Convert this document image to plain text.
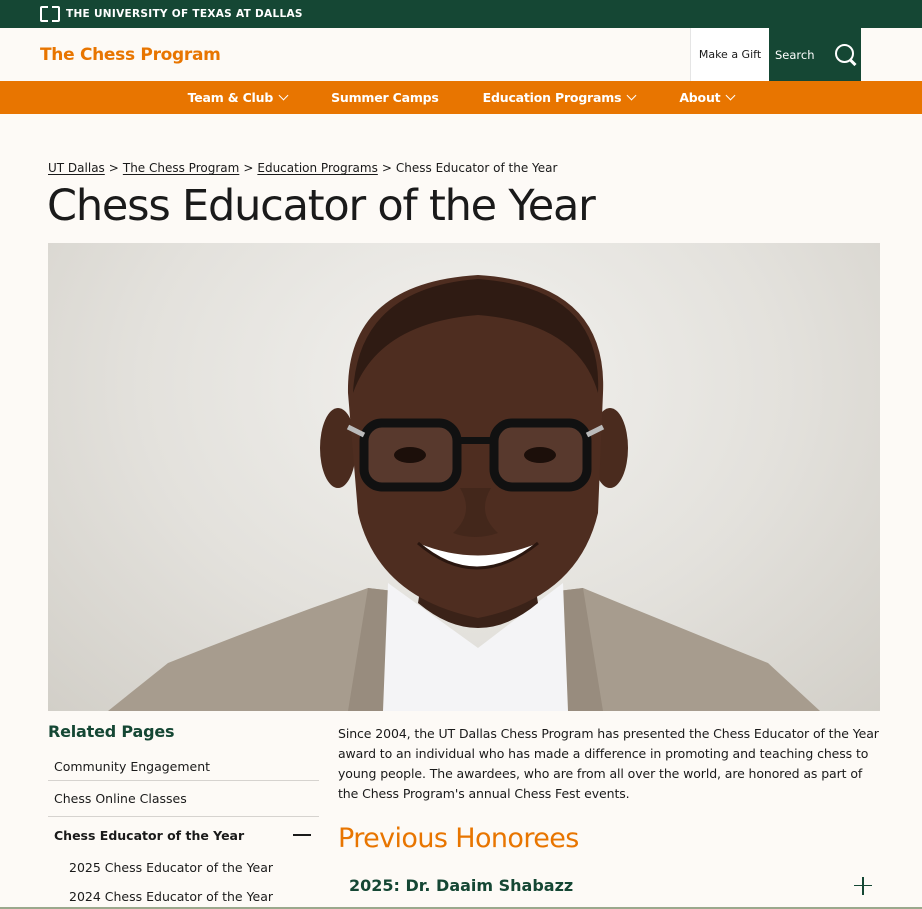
THE UNIVERSITY OF TEXAS AT DALLAS
The Chess Program	Make a Gift	Search
Team & Club	Summer Camps	Education Programs	About
UT Dallas > The Chess Program > Education Programs > Chess Educator of the Year
Chess Educator of the Year
Related Pages
Community Engagement
Chess Online Classes
Chess Educator of the Year
2025 Chess Educator of the Year
2024 Chess Educator of the Year

Since 2004, the UT Dallas Chess Program has presented the Chess Educator of the Year award to an individual who has made a difference in promoting and teaching chess to young people. The awardees, who are from all over the world, are honored as part of the Chess Program's annual Chess Fest events.

Previous Honorees
2025: Dr. Daaim Shabazz
